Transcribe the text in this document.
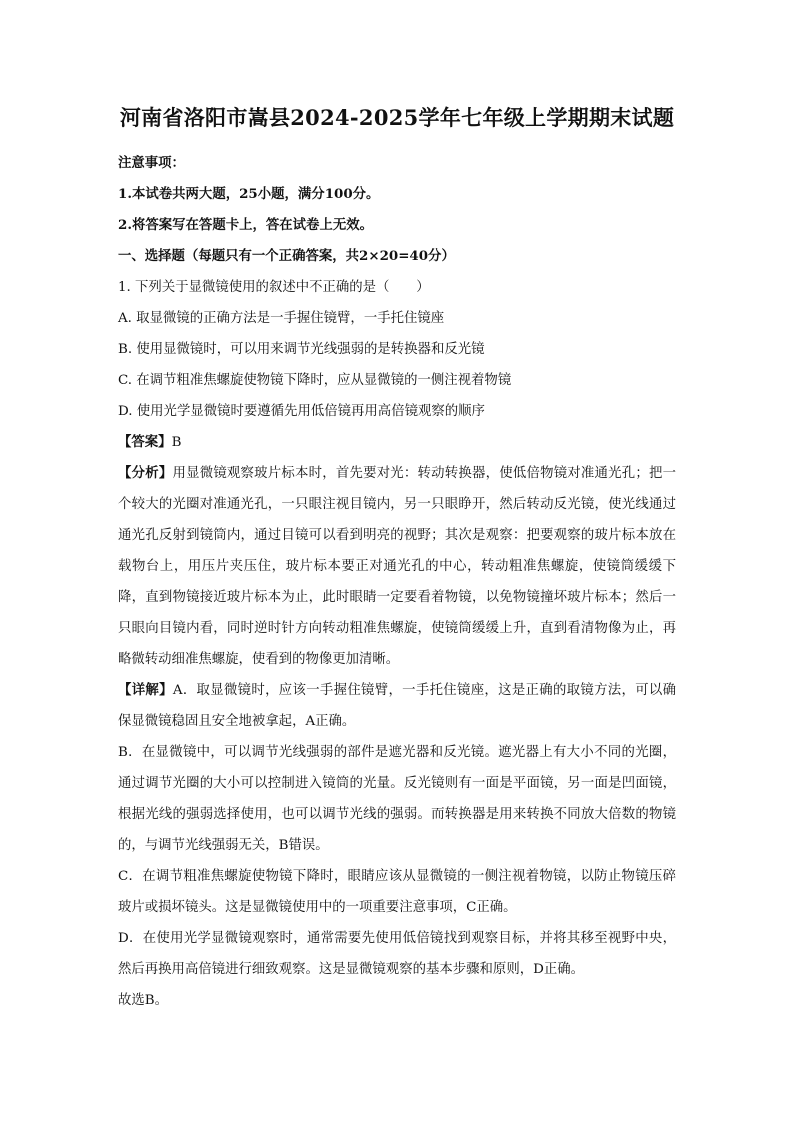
河南省洛阳市嵩县2024-2025学年七年级上学期期末试题

注意事项：

1.本试卷共两大题，25小题，满分100分。

2.将答案写在答题卡上，答在试卷上无效。

一、选择题（每题只有一个正确答案，共2×20=40分）

1. 下列关于显微镜使用的叙述中不正确的是（　　）

A. 取显微镜的正确方法是一手握住镜臂，一手托住镜座

B. 使用显微镜时，可以用来调节光线强弱的是转换器和反光镜

C. 在调节粗准焦螺旋使物镜下降时，应从显微镜的一侧注视着物镜

D. 使用光学显微镜时要遵循先用低倍镜再用高倍镜观察的顺序

【答案】B

【分析】用显微镜观察玻片标本时，首先要对光：转动转换器，使低倍物镜对准通光孔；把一个较大的光圈对准通光孔，一只眼注视目镜内，另一只眼睁开，然后转动反光镜，使光线通过通光孔反射到镜筒内，通过目镜可以看到明亮的视野；其次是观察：把要观察的玻片标本放在载物台上，用压片夹压住，玻片标本要正对通光孔的中心，转动粗准焦螺旋，使镜筒缓缓下降，直到物镜接近玻片标本为止，此时眼睛一定要看着物镜，以免物镜撞坏玻片标本；然后一只眼向目镜内看，同时逆时针方向转动粗准焦螺旋，使镜筒缓缓上升，直到看清物像为止，再略微转动细准焦螺旋，使看到的物像更加清晰。

【详解】A．取显微镜时，应该一手握住镜臂，一手托住镜座，这是正确的取镜方法，可以确保显微镜稳固且安全地被拿起，A正确。

B．在显微镜中，可以调节光线强弱的部件是遮光器和反光镜。遮光器上有大小不同的光圈，通过调节光圈的大小可以控制进入镜筒的光量。反光镜则有一面是平面镜，另一面是凹面镜，根据光线的强弱选择使用，也可以调节光线的强弱。而转换器是用来转换不同放大倍数的物镜的，与调节光线强弱无关，B错误。

C．在调节粗准焦螺旋使物镜下降时，眼睛应该从显微镜的一侧注视着物镜，以防止物镜压碎玻片或损坏镜头。这是显微镜使用中的一项重要注意事项，C正确。

D．在使用光学显微镜观察时，通常需要先使用低倍镜找到观察目标，并将其移至视野中央，然后再换用高倍镜进行细致观察。这是显微镜观察的基本步骤和原则，D正确。

故选B。
